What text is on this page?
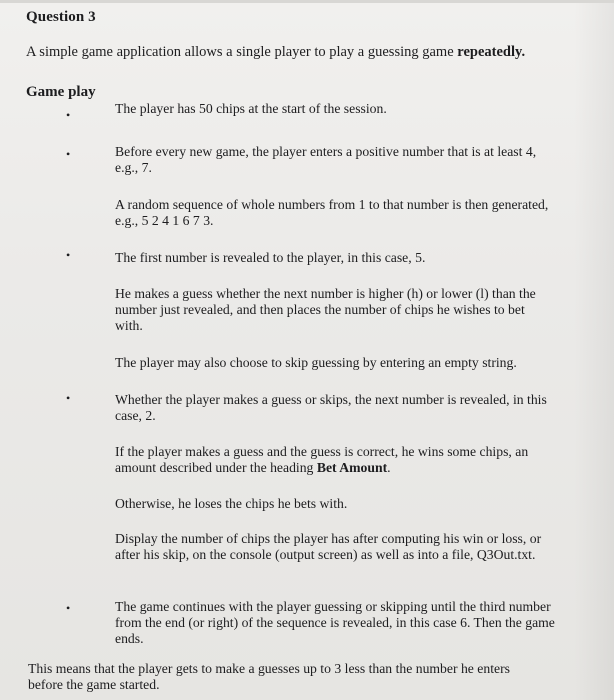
Question 3
A simple game application allows a single player to play a guessing game repeatedly.
Game play
•
•
•
•
•
The player has 50 chips at the start of the session.
Before every new game, the player enters a positive number that is at least 4, e.g., 7.
A random sequence of whole numbers from 1 to that number is then generated, e.g., 5 2 4 1 6 7 3.
The first number is revealed to the player, in this case, 5.
He makes a guess whether the next number is higher (h) or lower (l) than the number just revealed, and then places the number of chips he wishes to bet with.
The player may also choose to skip guessing by entering an empty string.
Whether the player makes a guess or skips, the next number is revealed, in this case, 2.
If the player makes a guess and the guess is correct, he wins some chips, an amount described under the heading Bet Amount.
Otherwise, he loses the chips he bets with.
Display the number of chips the player has after computing his win or loss, or after his skip, on the console (output screen) as well as into a file, Q3Out.txt.
The game continues with the player guessing or skipping until the third number from the end (or right) of the sequence is revealed, in this case 6. Then the game ends.
This means that the player gets to make a guesses up to 3 less than the number he enters before the game started.
